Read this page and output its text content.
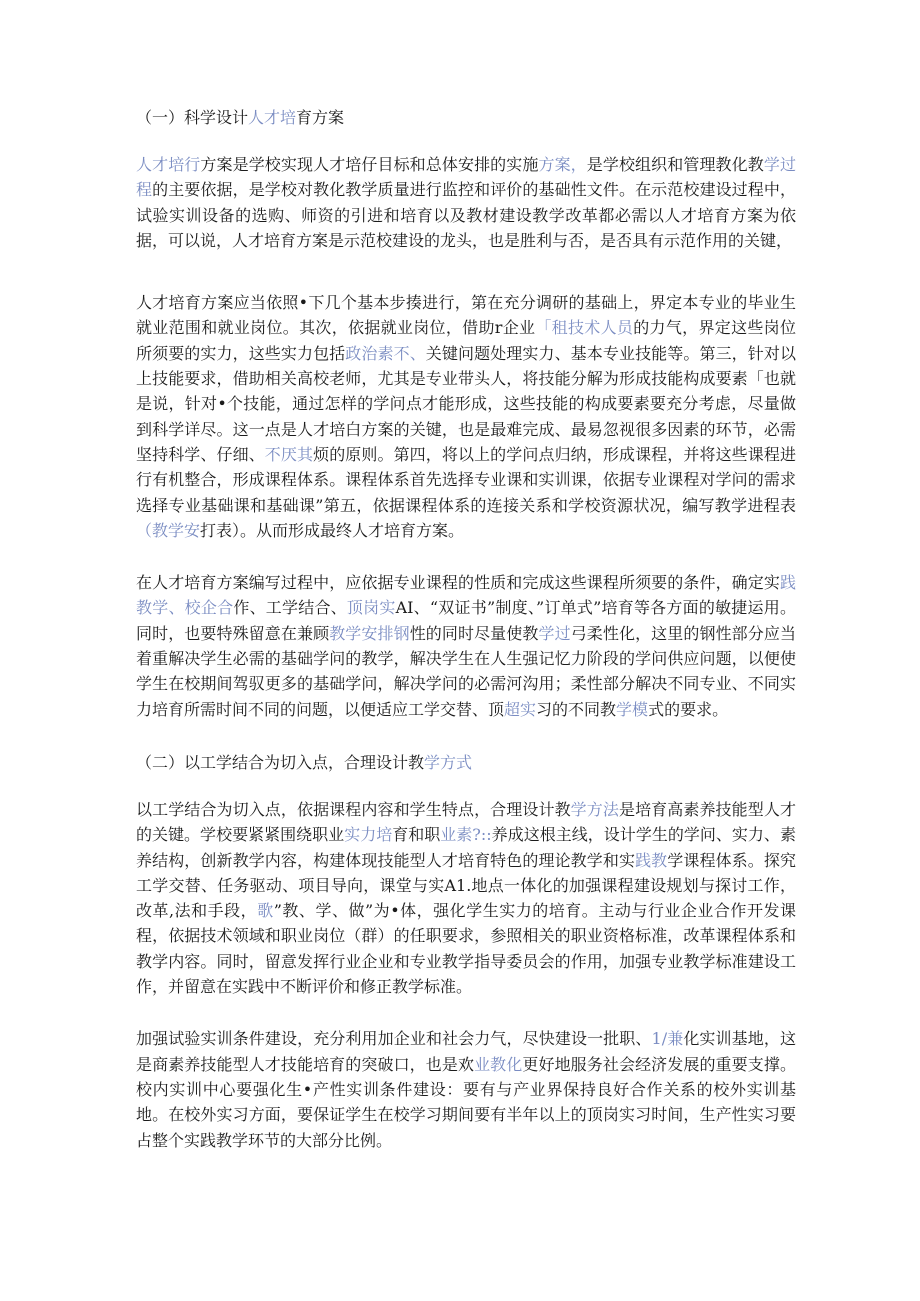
（一）科学设计人才培育方案

人才培行方案是学校实现人才培仔目标和总体安排的实施方案，是学校组织和管理教化教学过程的主要依据，是学校对教化教学质量进行监控和评价的基础性文件。在示范校建设过程中，试验实训设备的选购、师资的引进和培育以及教材建设教学改革都必需以人才培育方案为依据，可以说，人才培育方案是示范校建设的龙头，也是胜利与否，是否具有示范作用的关键，

人才培育方案应当依照•下几个基本步揍进行，第在充分调研的基础上，界定本专业的毕业生就业范围和就业岗位。其次，依据就业岗位，借助r企业「租技术人员的力气，界定这些岗位所须要的实力，这些实力包括政治素不、关键问题处理实力、基本专业技能等。第三，针对以上技能要求，借助相关高校老师，尤其是专业带头人，将技能分解为形成技能构成要素「也就是说，针对•个技能，通过怎样的学问点才能形成，这些技能的构成要素要充分考虑，尽量做到科学详尽。这一点是人才培白方案的关键，也是最难完成、最易忽视很多因素的环节，必需坚持科学、仔细、不厌其烦的原则。第四，将以上的学问点归纳，形成课程，并将这些课程进行有机整合，形成课程体系。课程体系首先选择专业课和实训课，依据专业课程对学问的需求选择专业基础课和基础课”第五，依据课程体系的连接关系和学校资源状况，编写教学进程表（教学安打表）。从而形成最终人才培育方案。

在人才培育方案编写过程中，应依据专业课程的性质和完成这些课程所须要的条件，确定实践教学、校企合作、工学结合、顶岗实AI、“双证书”制度、”订单式”培育等各方面的敏捷运用。同时，也要特殊留意在兼顾教学安排钢性的同时尽量使教学过弓柔性化，这里的钢性部分应当着重解决学生必需的基础学问的教学，解决学生在人生强记忆力阶段的学问供应问题，以便使学生在校期间驾驭更多的基础学问，解决学问的必需河沟用；柔性部分解决不同专业、不同实力培育所需时间不同的问题，以便适应工学交替、顶超实习的不同教学模式的要求。

（二）以工学结合为切入点，合理设计教学方式

以工学结合为切入点，依据课程内容和学生特点，合理设计教学方法是培育高素养技能型人才的关键。学校要紧紧围绕职业实力培育和职业素?::养成这根主线，设计学生的学问、实力、素养结构，创新教学内容，构建体现技能型人才培育特色的理论教学和实践教学课程体系。探究工学交替、任务驱动、项目导向，课堂与实A1.地点一体化的加强课程建设规划与探讨工作，改革,法和手段，歌”教、学、做”为•体，强化学生实力的培育。主动与行业企业合作开发课程，依据技术领域和职业岗位（群）的任职要求，参照相关的职业资格标准，改革课程体系和教学内容。同时，留意发挥行业企业和专业教学指导委员会的作用，加强专业教学标准建设工作，并留意在实践中不断评价和修正教学标准。

加强试验实训条件建设，充分利用加企业和社会力气，尽快建设一批职、1/兼化实训基地，这是商素养技能型人才技能培育的突破口，也是欢业教化更好地服务社会经济发展的重要支撑。校内实训中心要强化生•产性实训条件建设：要有与产业界保持良好合作关系的校外实训基地。在校外实习方面，要保证学生在校学习期间要有半年以上的顶岗实习时间，生产性实习要占整个实践教学环节的大部分比例。
